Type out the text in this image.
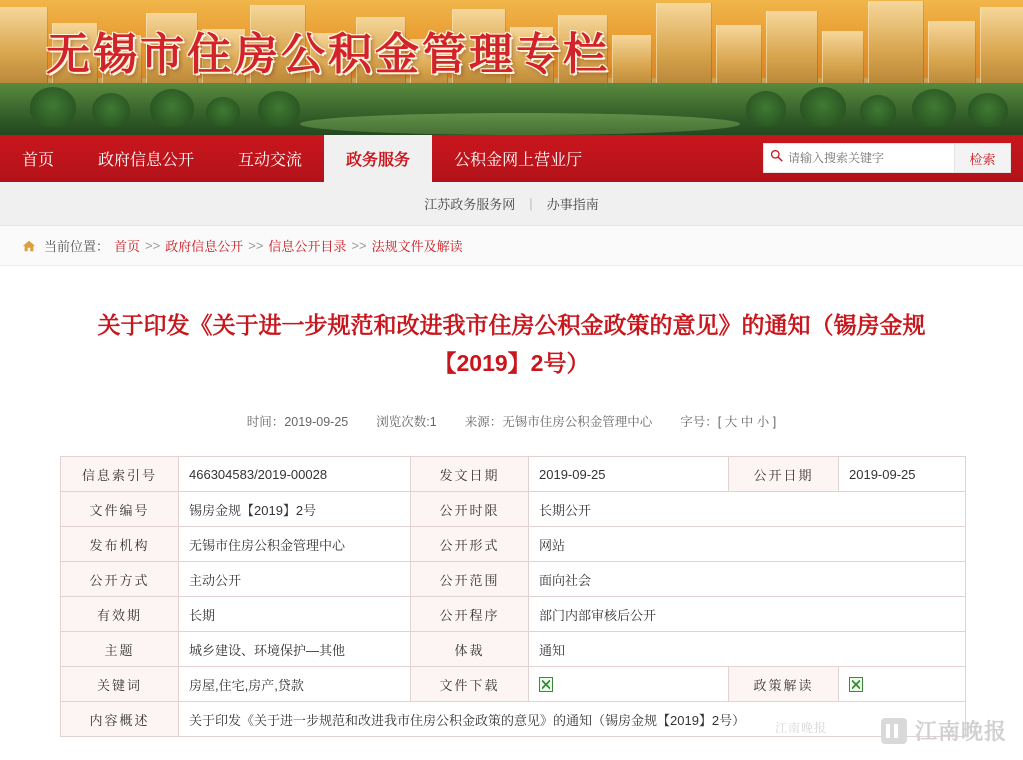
无锡市住房公积金管理专栏
首页	政府信息公开	互动交流	政务服务	公积金网上营业厅
请输入搜索关键字	检索
江苏政务服务网 | 办事指南
当前位置： 首页 >> 政府信息公开 >> 信息公开目录 >> 法规文件及解读
关于印发《关于进一步规范和改进我市住房公积金政策的意见》的通知（锡房金规【2019】2号）
时间：2019-09-25 浏览次数:1 来源：无锡市住房公积金管理中心 字号：[ 大 中 小 ]
信息索引号	466304583/2019-00028	发文日期	2019-09-25	公开日期	2019-09-25
文件编号	锡房金规【2019】2号	公开时限	长期公开		
发布机构	无锡市住房公积金管理中心	公开形式	网站		
公开方式	主动公开	公开范围	面向社会		
有效期	长期	公开程序	部门内部审核后公开		
主题	城乡建设、环境保护—其他	体裁	通知		
关键词	房屋,住宅,房产,贷款	文件下载		政策解读	
内容概述	关于印发《关于进一步规范和改进我市住房公积金政策的意见》的通知（锡房金规【2019】2号）				
江南晚报	江南晚报
